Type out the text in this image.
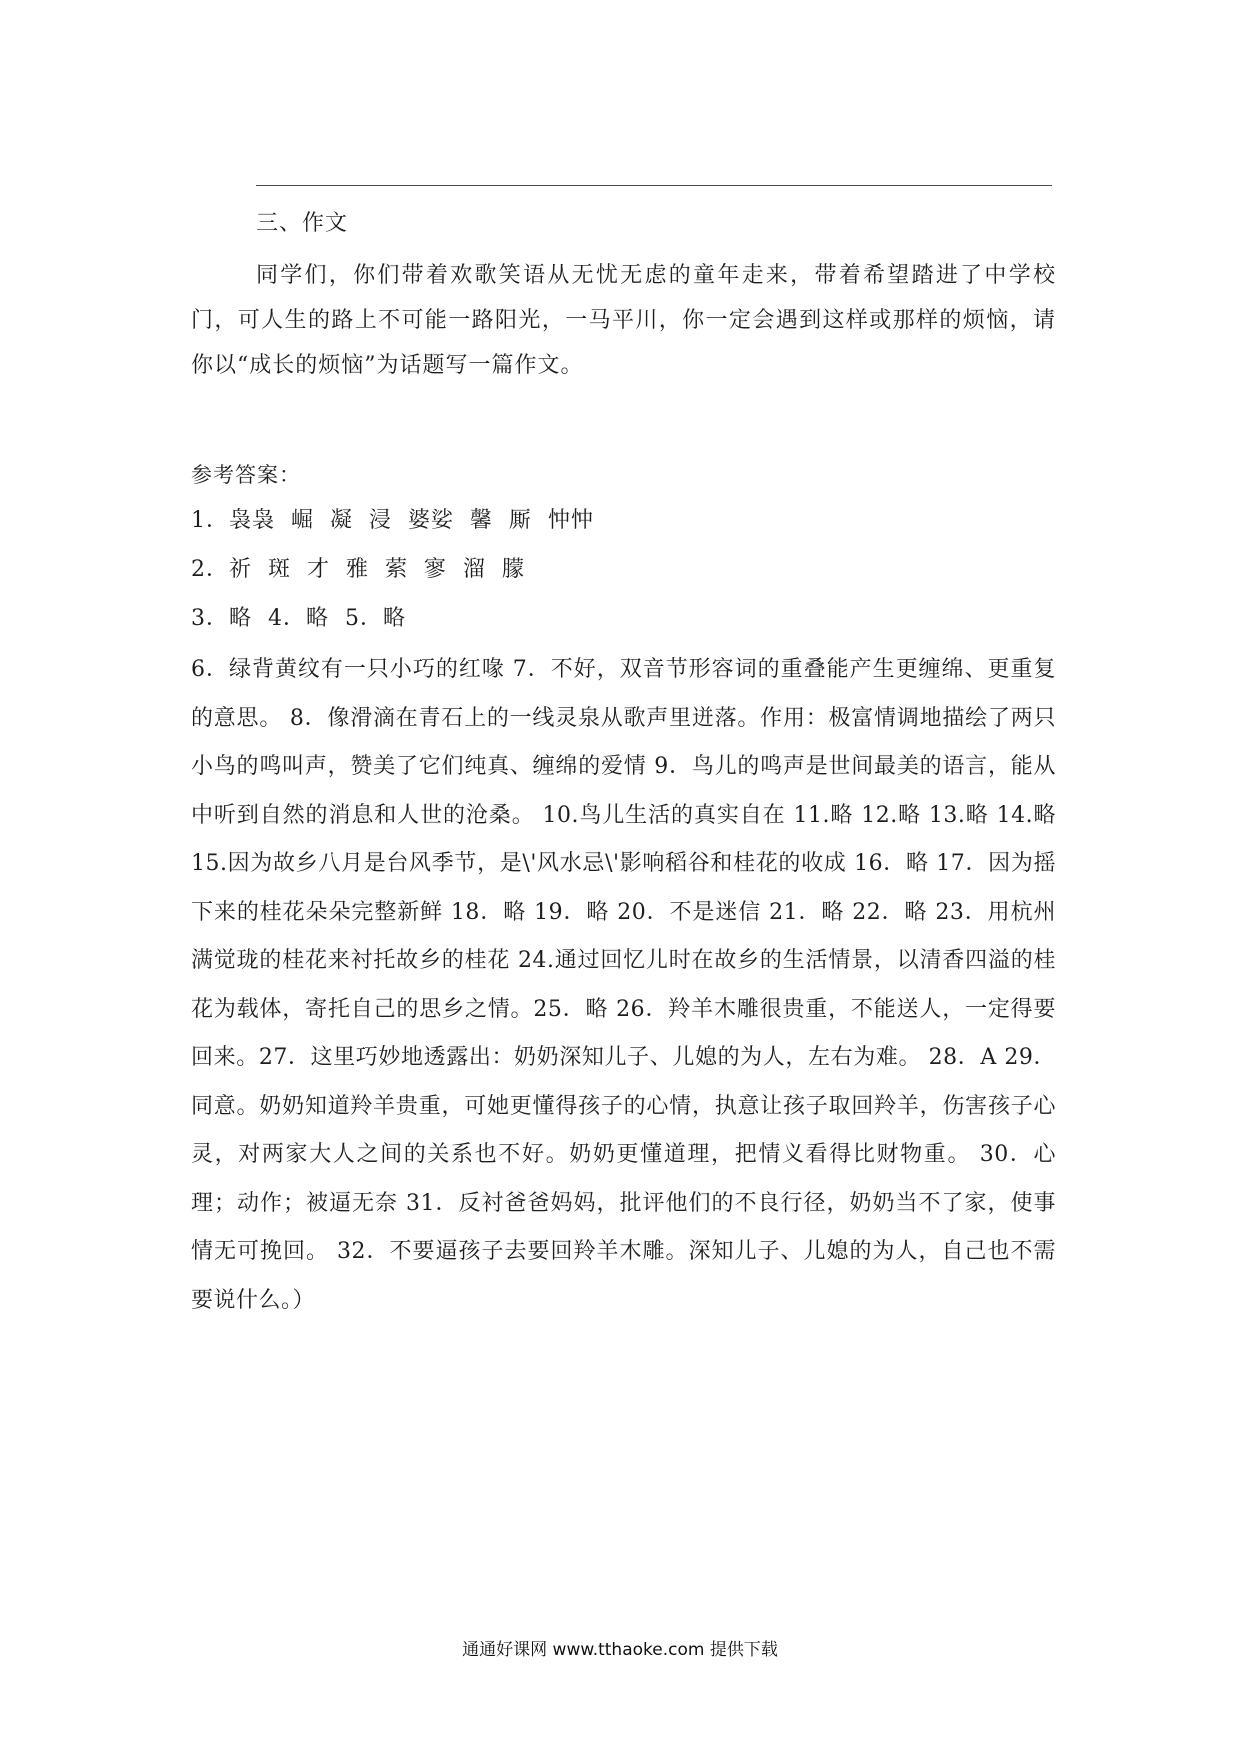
三、作文
同学们，你们带着欢歌笑语从无忧无虑的童年走来，带着希望踏进了中学校门，可人生的路上不可能一路阳光，一马平川，你一定会遇到这样或那样的烦恼，请你以“成长的烦恼”为话题写一篇作文。
参考答案：
1．袅袅  崛  凝  浸  婆娑  馨  厮  忡忡
2．祈  斑  才  雅  萦  寥  溜  朦
3．略  4．略  5．略
6．绿背黄纹有一只小巧的红喙 7．不好，双音节形容词的重叠能产生更缠绵、更重复的意思。 8．像滑滴在青石上的一线灵泉从歌声里迸落。作用：极富情调地描绘了两只小鸟的鸣叫声，赞美了它们纯真、缠绵的爱情 9．鸟儿的鸣声是世间最美的语言，能从中听到自然的消息和人世的沧桑。 10.鸟儿生活的真实自在 11.略 12.略 13.略 14.略 15.因为故乡八月是台风季节，是\'风水忌\'影响稻谷和桂花的收成 16．略 17．因为摇下来的桂花朵朵完整新鲜 18．略 19．略 20．不是迷信 21．略 22．略 23．用杭州满觉珑的桂花来衬托故乡的桂花 24.通过回忆儿时在故乡的生活情景，以清香四溢的桂花为载体，寄托自己的思乡之情。25．略 26．羚羊木雕很贵重，不能送人，一定得要回来。27．这里巧妙地透露出：奶奶深知儿子、儿媳的为人，左右为难。 28．A 29．同意。奶奶知道羚羊贵重，可她更懂得孩子的心情，执意让孩子取回羚羊，伤害孩子心灵，对两家大人之间的关系也不好。奶奶更懂道理，把情义看得比财物重。 30．心理；动作；被逼无奈 31．反衬爸爸妈妈，批评他们的不良行径，奶奶当不了家，使事情无可挽回。 32．不要逼孩子去要回羚羊木雕。深知儿子、儿媳的为人，自己也不需要说什么。）
通通好课网 www.tthaoke.com 提供下载
